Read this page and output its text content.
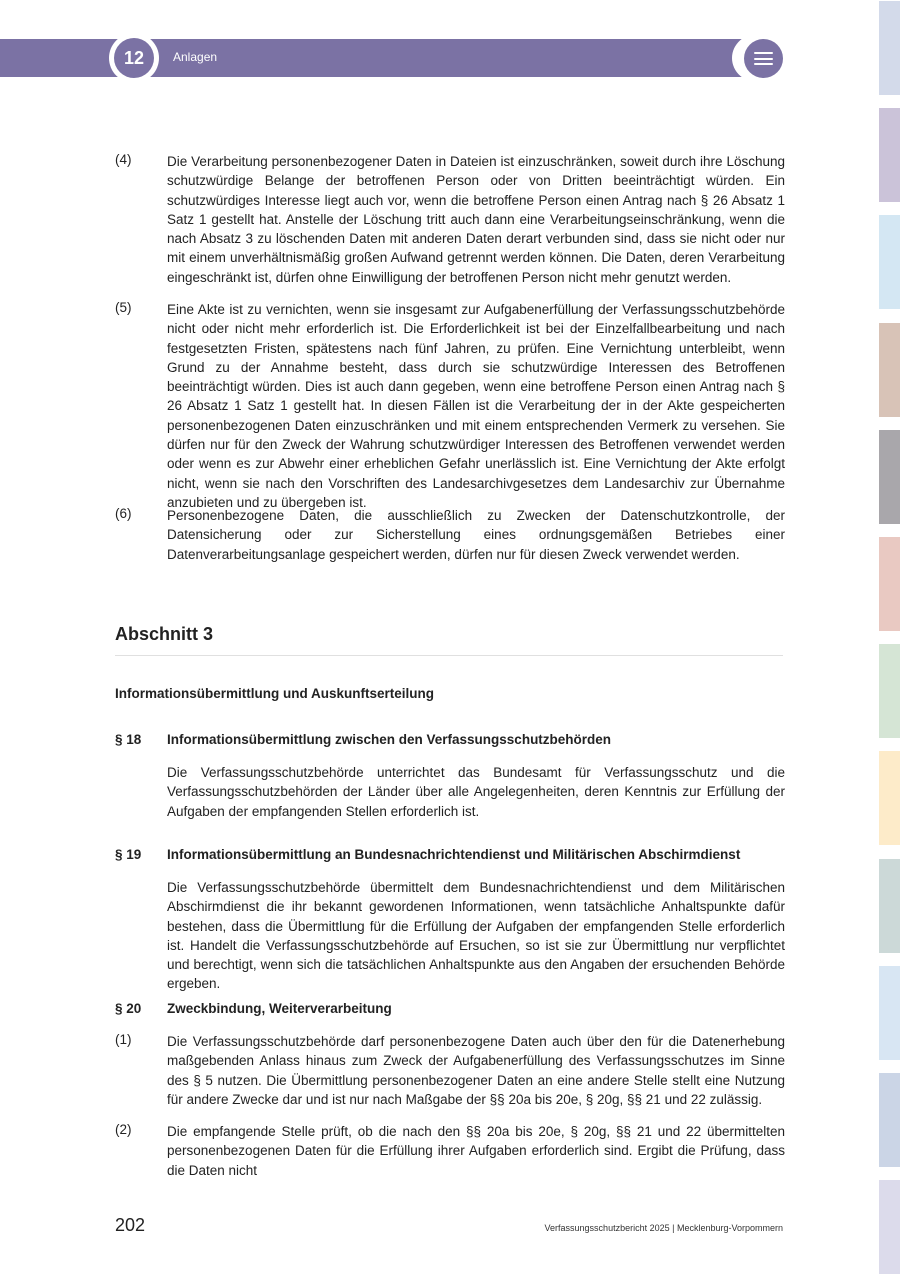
12	Anlagen
(4)	Die Verarbeitung personenbezogener Daten in Dateien ist einzuschränken, soweit durch ihre Löschung schutzwürdige Belange der betroffenen Person oder von Dritten beeinträchtigt würden. Ein schutzwürdiges Interesse liegt auch vor, wenn die betroffene Person einen Antrag nach § 26 Absatz 1 Satz 1 gestellt hat. Anstelle der Löschung tritt auch dann eine Verarbeitungseinschränkung, wenn die nach Absatz 3 zu löschenden Daten mit anderen Daten derart verbunden sind, dass sie nicht oder nur mit einem unverhältnismäßig großen Aufwand getrennt werden können. Die Daten, deren Verarbeitung eingeschränkt ist, dürfen ohne Einwilligung der betroffenen Person nicht mehr genutzt werden.
(5)	Eine Akte ist zu vernichten, wenn sie insgesamt zur Aufgabenerfüllung der Verfassungsschutzbehörde nicht oder nicht mehr erforderlich ist. Die Erforderlichkeit ist bei der Einzelfallbearbeitung und nach festgesetzten Fristen, spätestens nach fünf Jahren, zu prüfen. Eine Vernichtung unterbleibt, wenn Grund zu der Annahme besteht, dass durch sie schutzwürdige Interessen des Betroffenen beeinträchtigt würden. Dies ist auch dann gegeben, wenn eine betroffene Person einen Antrag nach § 26 Absatz 1 Satz 1 gestellt hat. In diesen Fällen ist die Verarbeitung der in der Akte gespeicherten personenbezogenen Daten einzuschränken und mit einem entsprechenden Vermerk zu versehen. Sie dürfen nur für den Zweck der Wahrung schutzwürdiger Interessen des Betroffenen verwendet werden oder wenn es zur Abwehr einer erheblichen Gefahr unerlässlich ist. Eine Vernichtung der Akte erfolgt nicht, wenn sie nach den Vorschriften des Landesarchivgesetzes dem Landesarchiv zur Übernahme anzubieten und zu übergeben ist.
(6)	Personenbezogene Daten, die ausschließlich zu Zwecken der Datenschutzkontrolle, der Datensicherung oder zur Sicherstellung eines ordnungsgemäßen Betriebes einer Datenverarbeitungsanlage gespeichert werden, dürfen nur für diesen Zweck verwendet werden.
Abschnitt 3
Informationsübermittlung und Auskunftserteilung
§ 18 Informationsübermittlung zwischen den Verfassungsschutzbehörden
Die Verfassungsschutzbehörde unterrichtet das Bundesamt für Verfassungsschutz und die Verfassungsschutzbehörden der Länder über alle Angelegenheiten, deren Kenntnis zur Erfüllung der Aufgaben der empfangenden Stellen erforderlich ist.
§ 19 Informationsübermittlung an Bundesnachrichtendienst und Militärischen Abschirmdienst
Die Verfassungsschutzbehörde übermittelt dem Bundesnachrichtendienst und dem Militärischen Abschirmdienst die ihr bekannt gewordenen Informationen, wenn tatsächliche Anhaltspunkte dafür bestehen, dass die Übermittlung für die Erfüllung der Aufgaben der empfangenden Stelle erforderlich ist. Handelt die Verfassungsschutzbehörde auf Ersuchen, so ist sie zur Übermittlung nur verpflichtet und berechtigt, wenn sich die tatsächlichen Anhaltspunkte aus den Angaben der ersuchenden Behörde ergeben.
§ 20 Zweckbindung, Weiterverarbeitung
(1)	Die Verfassungsschutzbehörde darf personenbezogene Daten auch über den für die Datenerhebung maßgebenden Anlass hinaus zum Zweck der Aufgabenerfüllung des Verfassungsschutzes im Sinne des § 5 nutzen. Die Übermittlung personenbezogener Daten an eine andere Stelle stellt eine Nutzung für andere Zwecke dar und ist nur nach Maßgabe der §§ 20a bis 20e, § 20g, §§ 21 und 22 zulässig.
(2)	Die empfangende Stelle prüft, ob die nach den §§ 20a bis 20e, § 20g, §§ 21 und 22 übermittelten personenbezogenen Daten für die Erfüllung ihrer Aufgaben erforderlich sind. Ergibt die Prüfung, dass die Daten nicht
202	Verfassungsschutzbericht 2025 | Mecklenburg-Vorpommern
